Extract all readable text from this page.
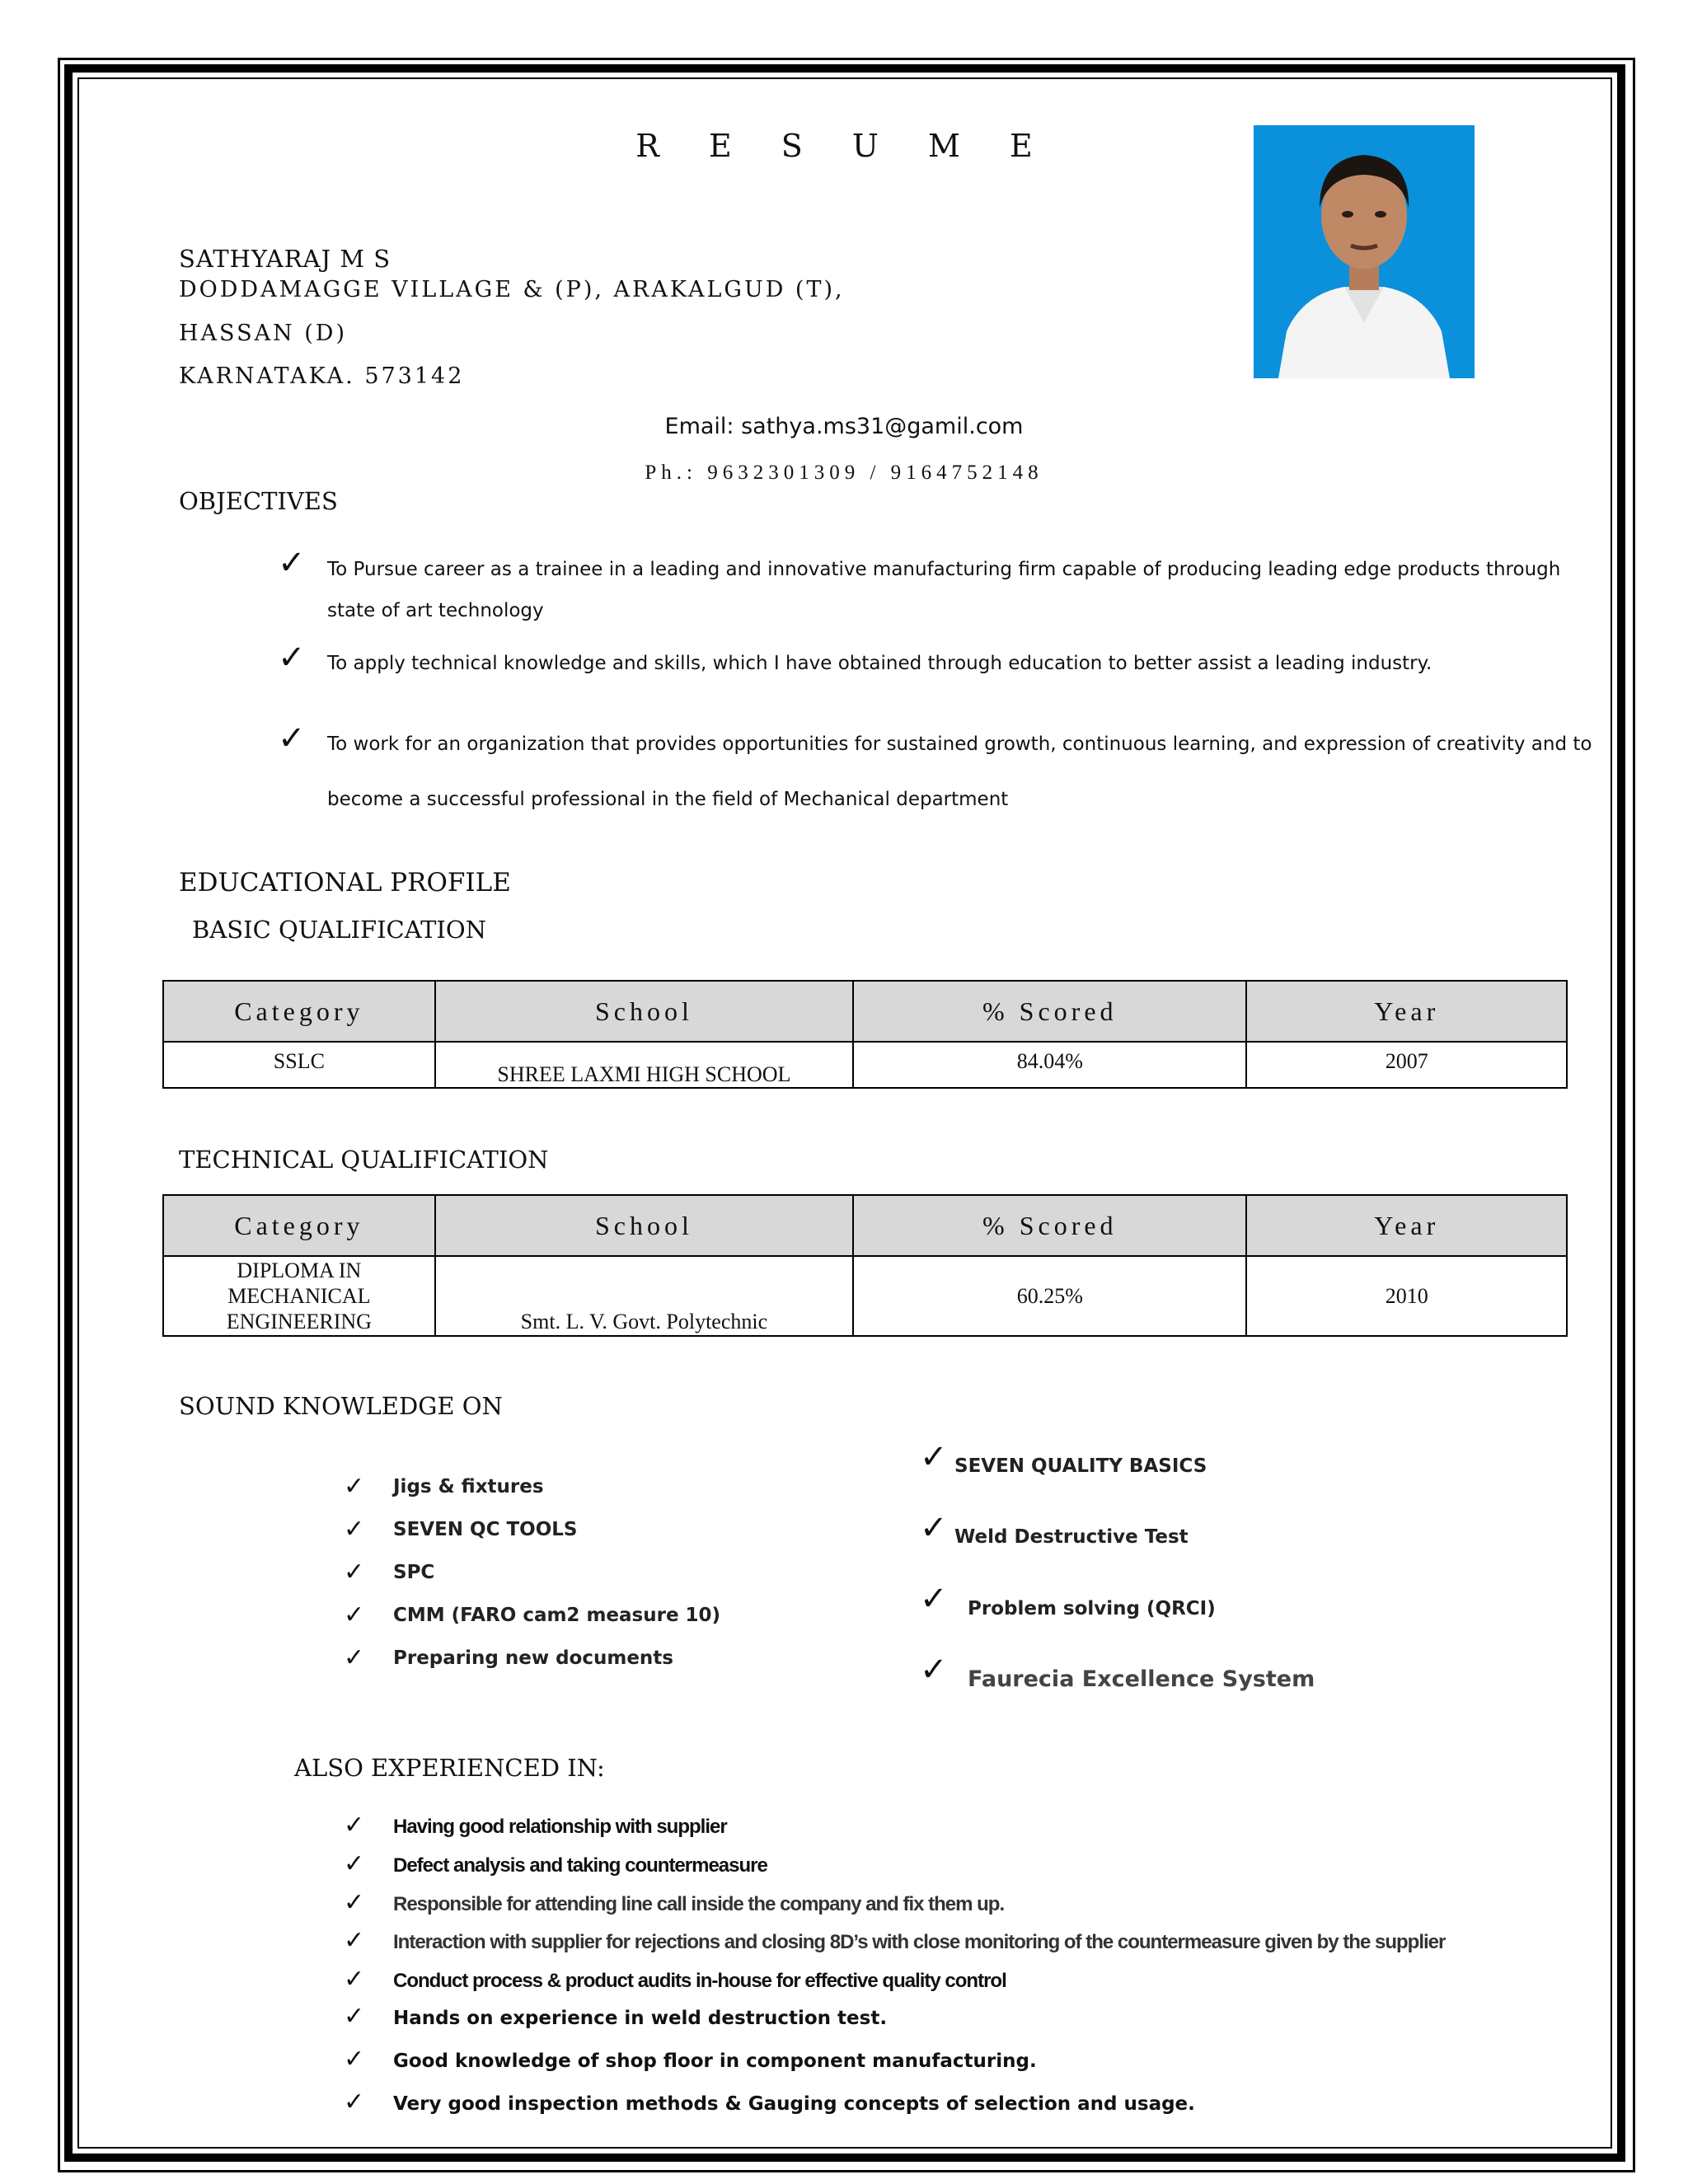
R E S U M E
SATHYARAJ M S
DODDAMAGGE VILLAGE & (P), ARAKALGUD (T),
HASSAN (D)
KARNATAKA. 573142
Email: sathya.ms31@gamil.com
Ph.: 9632301309 / 9164752148
OBJECTIVES
✓ To Pursue career as a trainee in a leading and innovative manufacturing firm capable of producing leading edge products through
state of art technology
✓ To apply technical knowledge and skills, which I have obtained through education to better assist a leading industry.
✓ To work for an organization that provides opportunities for sustained growth, continuous learning, and expression of creativity and to
become a successful professional in the field of Mechanical department
EDUCATIONAL PROFILE
BASIC QUALIFICATION
Category	School	% Scored	Year
SSLC	SHREE LAXMI HIGH SCHOOL	84.04%	2007
TECHNICAL QUALIFICATION
Category	School	% Scored	Year

DIPLOMA IN
MECHANICAL
ENGINEERING	Smt. L. V. Govt. Polytechnic	60.25%	2010
SOUND KNOWLEDGE ON
✓ Jigs & fixtures
✓ SEVEN QC TOOLS
✓ SPC
✓ CMM (FARO cam2 measure 10)
✓ Preparing new documents
✓ SEVEN QUALITY BASICS
✓ Weld Destructive Test
✓ Problem solving (QRCI)
✓ Faurecia Excellence System
ALSO EXPERIENCED IN:
✓ Having good relationship with supplier
✓ Defect analysis and taking countermeasure
✓ Responsible for attending line call inside the company and fix them up.
✓ Interaction with supplier for rejections and closing 8D’s with close monitoring of the countermeasure given by the supplier
✓ Conduct process & product audits in-house for effective quality control
✓ Hands on experience in weld destruction test.
✓ Good knowledge of shop floor in component manufacturing.
✓ Very good inspection methods & Gauging concepts of selection and usage.
